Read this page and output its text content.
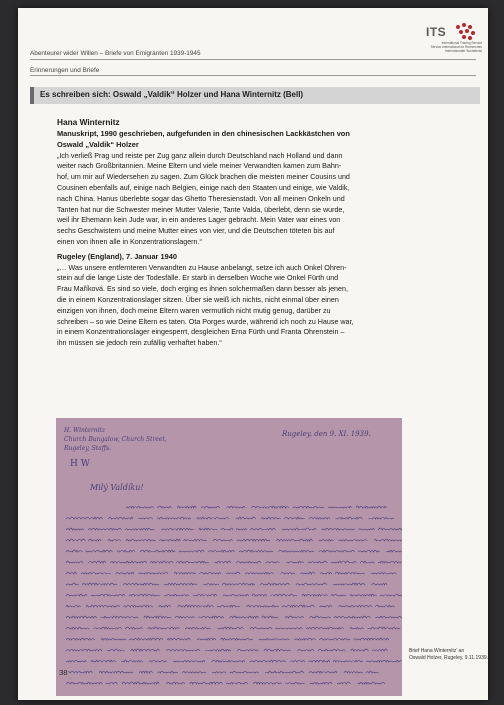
Abenteurer wider Willen – Briefe von Emigranten 1939-1945
Erinnerungen und Briefe
ITS
International Tracing Service
Service International de Recherches
Internationaler Suchdienst
Es schreiben sich: Oswald „Valdik“ Holzer und Hana Winternitz (Bell)
Hana Winternitz
Manuskript, 1990 geschrieben, aufgefunden in den chinesischen Lackkästchen von
Oswald „Valdik“ Holzer
„Ich verließ Prag und reiste per Zug ganz allein durch Deutschland nach Holland und dann
weiter nach Großbritannien. Meine Eltern und viele meiner Verwandten kamen zum Bahn-
hof, um mir auf Wiedersehen zu sagen. Zum Glück brachen die meisten meiner Cousins und
Cousinen ebenfalls auf, einige nach Belgien, einige nach den Staaten und einige, wie Valdik,
nach China. Hanus überlebte sogar das Ghetto Theresienstadt. Von all meinen Onkeln und
Tanten hat nur die Schwester meiner Mutter Valerie, Tante Valda, überlebt, denn sie wurde,
weil ihr Ehemann kein Jude war, in ein anderes Lager gebracht. Mein Vater war eines von
sechs Geschwistern und meine Mutter eines von vier, und die Deutschen töteten bis auf
einen von ihnen alle in Konzentrationslagern.“
Rugeley (England), 7. Januar 1940
„… Was unsere entfernteren Verwandten zu Hause anbelangt, setze ich auch Onkel Ohren-
stein auf die lange Liste der Todesfälle. Er starb in derselben Woche wie Onkel Fürth und
Frau Maříková. Es sind so viele, doch erging es ihnen solchermaßen dann besser als jenen,
die in einem Konzentrationslager sitzen. Über sie weiß ich nichts, nicht einmal über einen
einzigen von ihnen, doch meine Eltern waren vermutlich nicht mutig genug, darüber zu
schreiben – so wie Deine Eltern es taten. Ota Porges wurde, während ich noch zu Hause war,
in einem Konzentrationslager eingesperrt, desgleichen Erna Fürth und Franta Ohrenstein –
ihn müssen sie jedoch rein zufällig verhaftet haben.“
H. Winternitz
Church Bungalow, Church Street,
Rugeley, Staffs.
H W
Rugeley, den 9. XI. 1939.
Milý Valdíku!
38
Brief Hana Winternitz’ an
Oswald Holzer, Rugeley, 9.11.1939.
